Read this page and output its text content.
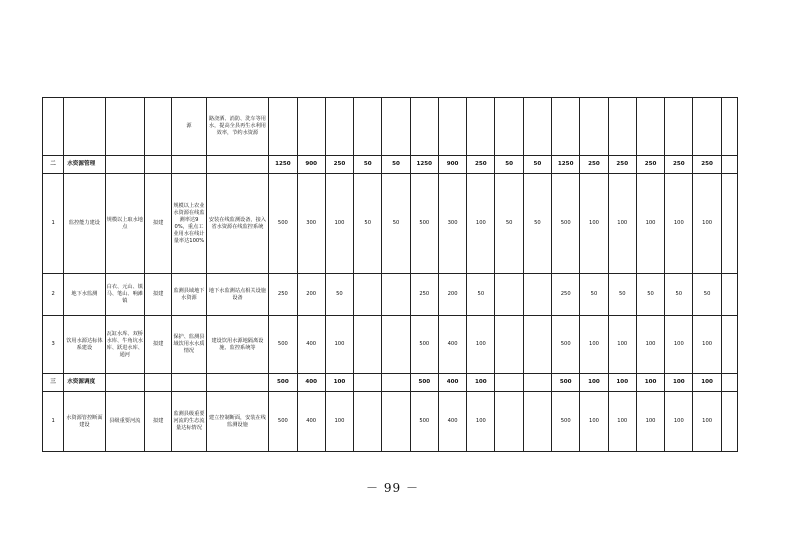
				源	路浇洒、消防、洗车等用水，提高全县再生水利用效率，节约水资源																	
二	水资源管理					1250	900	250	50	50	1250	900	250	50	50	1250	250	250	250	250	250	
1	监控能力建设	规模以上取水地点	拟建	规模以上农业水资源在线监测率达90%，重点工业用水在线计量率达100%	安装在线监测设备，接入省水资源在线监控系统	500	300	100	50	50	500	300	100	50	50	500	100	100	100	100	100	
2	地下水监测	白衣、元山、镇马、笔山、响滩镇	拟建	监测县域地下水资源	地下水监测站点相关设施设备	250	200	50			250	200	50			250	50	50	50	50	50	
3	饮用水源达标体系建设	瓦缸水库、双桥水库、牛角坑水库、跃进水库、通河	拟建	保护、监测县域饮用水水质情况	建设饮用水源地隔离设施、监控系统等	500	400	100			500	400	100			500	100	100	100	100	100	
三	水资源调度					500	400	100			500	400	100			500	100	100	100	100	100	
1	水资源管控断面建设	县级重要河流	拟建	监测县级重要河流的生态流量达标情况	建立控制断面，安装在线监测设施	500	400	100			500	400	100			500	100	100	100	100	100	
－ 99 －
